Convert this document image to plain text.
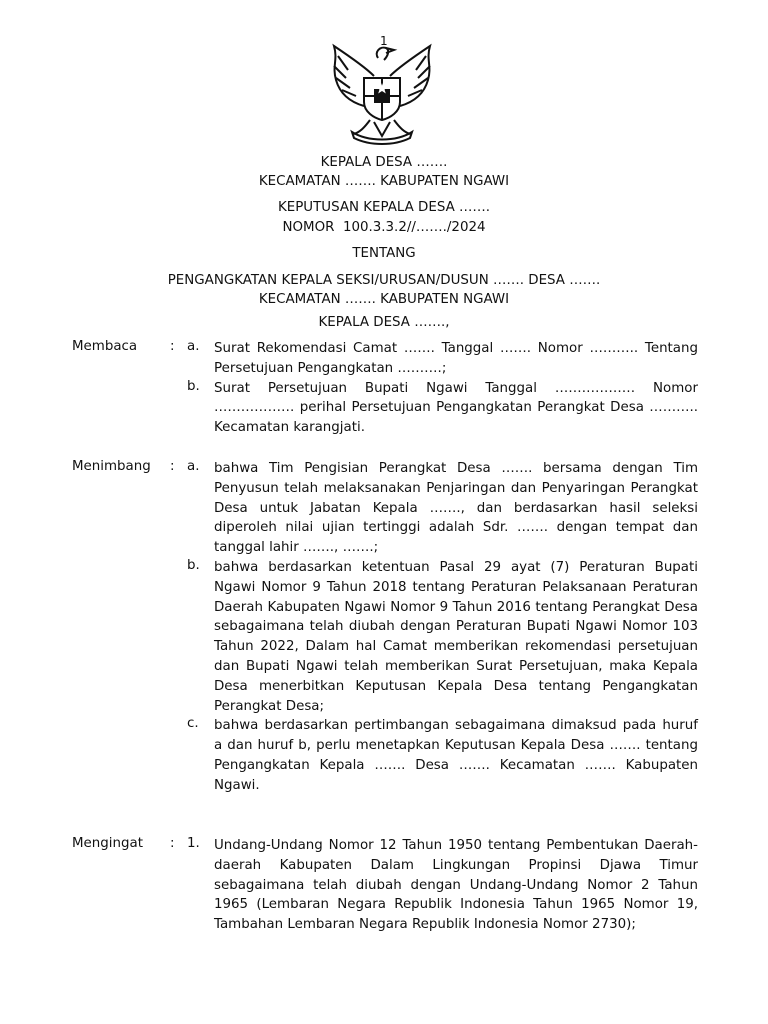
1
KEPALA DESA …….
KECAMATAN ……. KABUPATEN NGAWI
KEPUTUSAN KEPALA DESA …….
NOMOR  100.3.3.2//……./2024
TENTANG
PENGANGKATAN KEPALA SEKSI/URUSAN/DUSUN ……. DESA …….
KECAMATAN ……. KABUPATEN NGAWI
KEPALA DESA …….,
Membaca	: a. Surat Rekomendasi Camat ……. Tanggal ……. Nomor ……….. Tentang Persetujuan Pengangkatan ……….;
b. Surat Persetujuan Bupati Ngawi Tanggal ……………… Nomor ……………… perihal Persetujuan Pengangkatan Perangkat Desa ……….. Kecamatan karangjati.
Menimbang	: a. bahwa Tim Pengisian Perangkat Desa ……. bersama dengan Tim Penyusun telah melaksanakan Penjaringan dan Penyaringan Perangkat Desa untuk Jabatan Kepala ……., dan berdasarkan hasil seleksi diperoleh nilai ujian tertinggi adalah Sdr. ……. dengan tempat dan tanggal lahir ……., …….;
b. bahwa berdasarkan ketentuan Pasal 29 ayat (7) Peraturan Bupati Ngawi Nomor 9 Tahun 2018 tentang Peraturan Pelaksanaan Peraturan Daerah Kabupaten Ngawi Nomor 9 Tahun 2016 tentang Perangkat Desa sebagaimana telah diubah dengan Peraturan Bupati Ngawi Nomor 103 Tahun 2022, Dalam hal Camat memberikan rekomendasi persetujuan dan Bupati Ngawi telah memberikan Surat Persetujuan, maka Kepala Desa menerbitkan Keputusan Kepala Desa tentang Pengangkatan Perangkat Desa;
c. bahwa berdasarkan pertimbangan sebagaimana dimaksud pada huruf a dan huruf b, perlu menetapkan Keputusan Kepala Desa ……. tentang Pengangkatan Kepala ……. Desa ……. Kecamatan ……. Kabupaten Ngawi.
Mengingat	: 1. Undang-Undang Nomor 12 Tahun 1950 tentang Pembentukan Daerah-daerah Kabupaten Dalam Lingkungan Propinsi Djawa Timur sebagaimana telah diubah dengan Undang-Undang Nomor 2 Tahun 1965 (Lembaran Negara Republik Indonesia Tahun 1965 Nomor 19, Tambahan Lembaran Negara Republik Indonesia Nomor 2730);
